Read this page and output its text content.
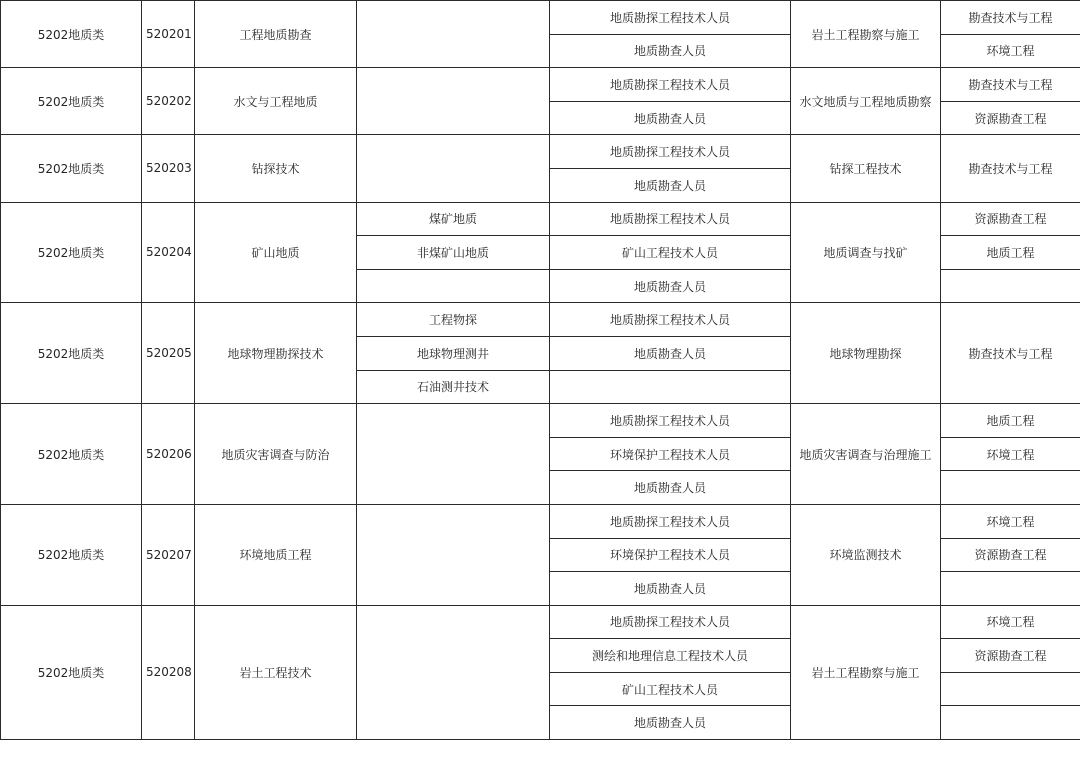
5202地质类	520201	工程地质勘查		地质勘探工程技术人员	岩土工程勘察与施工	勘查技术与工程
				地质勘查人员		环境工程
5202地质类	520202	水文与工程地质		地质勘探工程技术人员	水文地质与工程地质勘察	勘查技术与工程
				地质勘查人员		资源勘查工程
5202地质类	520203	钻探技术		地质勘探工程技术人员	钻探工程技术	勘查技术与工程
				地质勘查人员		
5202地质类	520204	矿山地质	煤矿地质	地质勘探工程技术人员	地质调查与找矿	资源勘查工程
			非煤矿山地质	矿山工程技术人员		地质工程
				地质勘查人员		
5202地质类	520205	地球物理勘探技术	工程物探	地质勘探工程技术人员	地球物理勘探	勘查技术与工程
			地球物理测井	地质勘查人员		
			石油测井技术			
5202地质类	520206	地质灾害调查与防治		地质勘探工程技术人员	地质灾害调查与治理施工	地质工程
				环境保护工程技术人员		环境工程
				地质勘查人员		
5202地质类	520207	环境地质工程		地质勘探工程技术人员	环境监测技术	环境工程
				环境保护工程技术人员		资源勘查工程
				地质勘查人员		
5202地质类	520208	岩土工程技术		地质勘探工程技术人员	岩土工程勘察与施工	环境工程
				测绘和地理信息工程技术人员		资源勘查工程
				矿山工程技术人员		
				地质勘查人员		
